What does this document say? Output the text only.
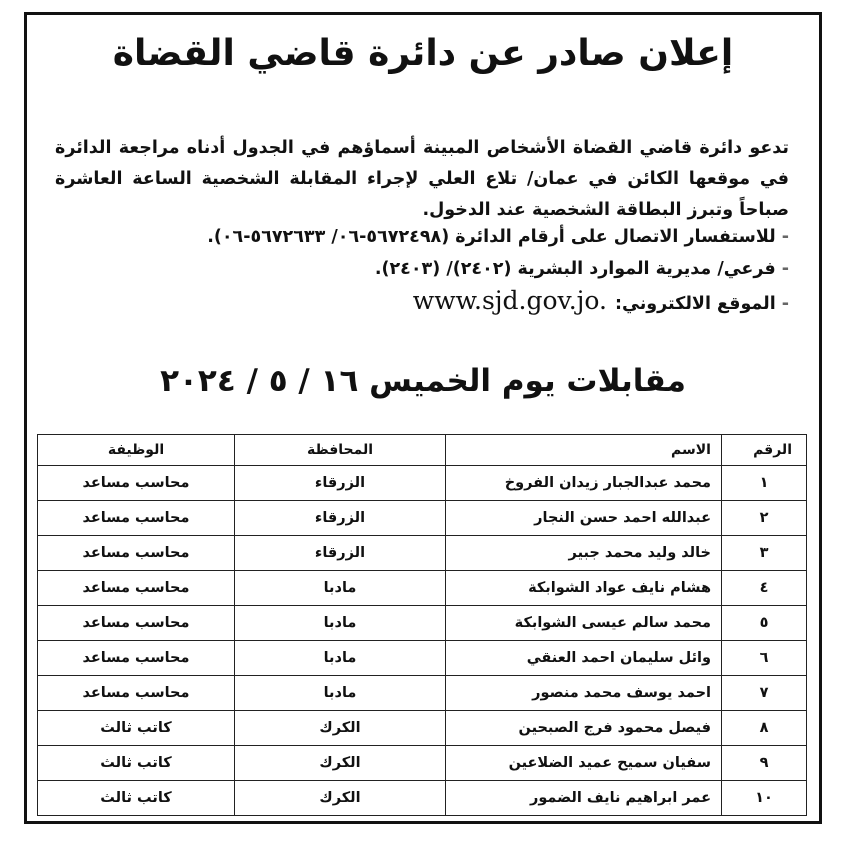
إعلان صادر عن دائرة قاضي القضاة

تدعو دائرة قاضي القضاة الأشخاص المبينة أسماؤهم في الجدول أدناه مراجعة الدائرة في موقعها الكائن في عمان/ تلاع العلي لإجراء المقابلة الشخصية الساعة العاشرة صباحاً وتبرز البطاقة الشخصية عند الدخول.

-للاستفسار الاتصال على أرقام الدائرة (٥٦٧٢٤٩٨-٠٦/ ٥٦٧٢٦٣٣-٠٦).
-فرعي/ مديرية الموارد البشرية (٢٤٠٢)/ (٢٤٠٣).
-الموقع الالكتروني:www.sjd.gov.jo.
مقابلات يوم الخميس ١٦ / ٥ / ٢٠٢٤
الرقم	الاسم	المحافظة	الوظيفة
١	محمد عبدالجبار زيدان الفروخ	الزرقاء	محاسب مساعد
٢	عبدالله احمد حسن النجار	الزرقاء	محاسب مساعد
٣	خالد وليد محمد جبير	الزرقاء	محاسب مساعد
٤	هشام نايف عواد الشوابكة	مادبا	محاسب مساعد
٥	محمد سالم عيسى الشوابكة	مادبا	محاسب مساعد
٦	وائل سليمان احمد العنقي	مادبا	محاسب مساعد
٧	احمد يوسف محمد منصور	مادبا	محاسب مساعد
٨	فيصل محمود فرج الصبحين	الكرك	كاتب ثالث
٩	سفيان سميح عميد الضلاعين	الكرك	كاتب ثالث
١٠	عمر ابراهيم نايف الضمور	الكرك	كاتب ثالث
